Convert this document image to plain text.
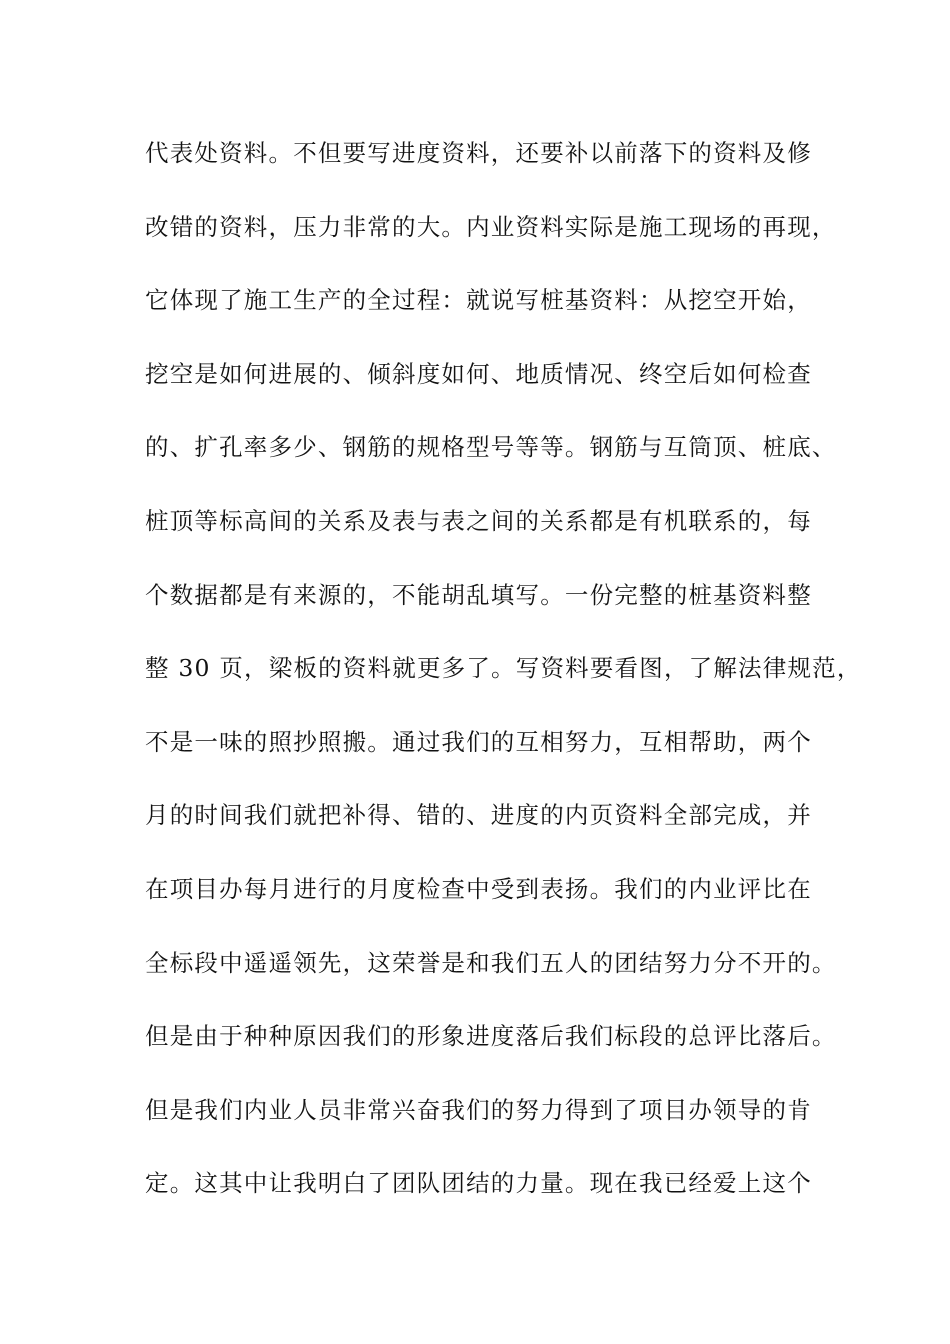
代表处资料。不但要写进度资料，还要补以前落下的资料及修
改错的资料，压力非常的大。内业资料实际是施工现场的再现，
它体现了施工生产的全过程：就说写桩基资料：从挖空开始，
挖空是如何进展的、倾斜度如何、地质情况、终空后如何检查
的、扩孔率多少、钢筋的规格型号等等。钢筋与互筒顶、桩底、
桩顶等标高间的关系及表与表之间的关系都是有机联系的，每
个数据都是有来源的，不能胡乱填写。一份完整的桩基资料整
整 30 页，梁板的资料就更多了。写资料要看图，了解法律规范，
不是一味的照抄照搬。通过我们的互相努力，互相帮助，两个
月的时间我们就把补得、错的、进度的内页资料全部完成，并
在项目办每月进行的月度检查中受到表扬。我们的内业评比在
全标段中遥遥领先，这荣誉是和我们五人的团结努力分不开的。
但是由于种种原因我们的形象进度落后我们标段的总评比落后。
但是我们内业人员非常兴奋我们的努力得到了项目办领导的肯
定。这其中让我明白了团队团结的力量。现在我已经爱上这个
